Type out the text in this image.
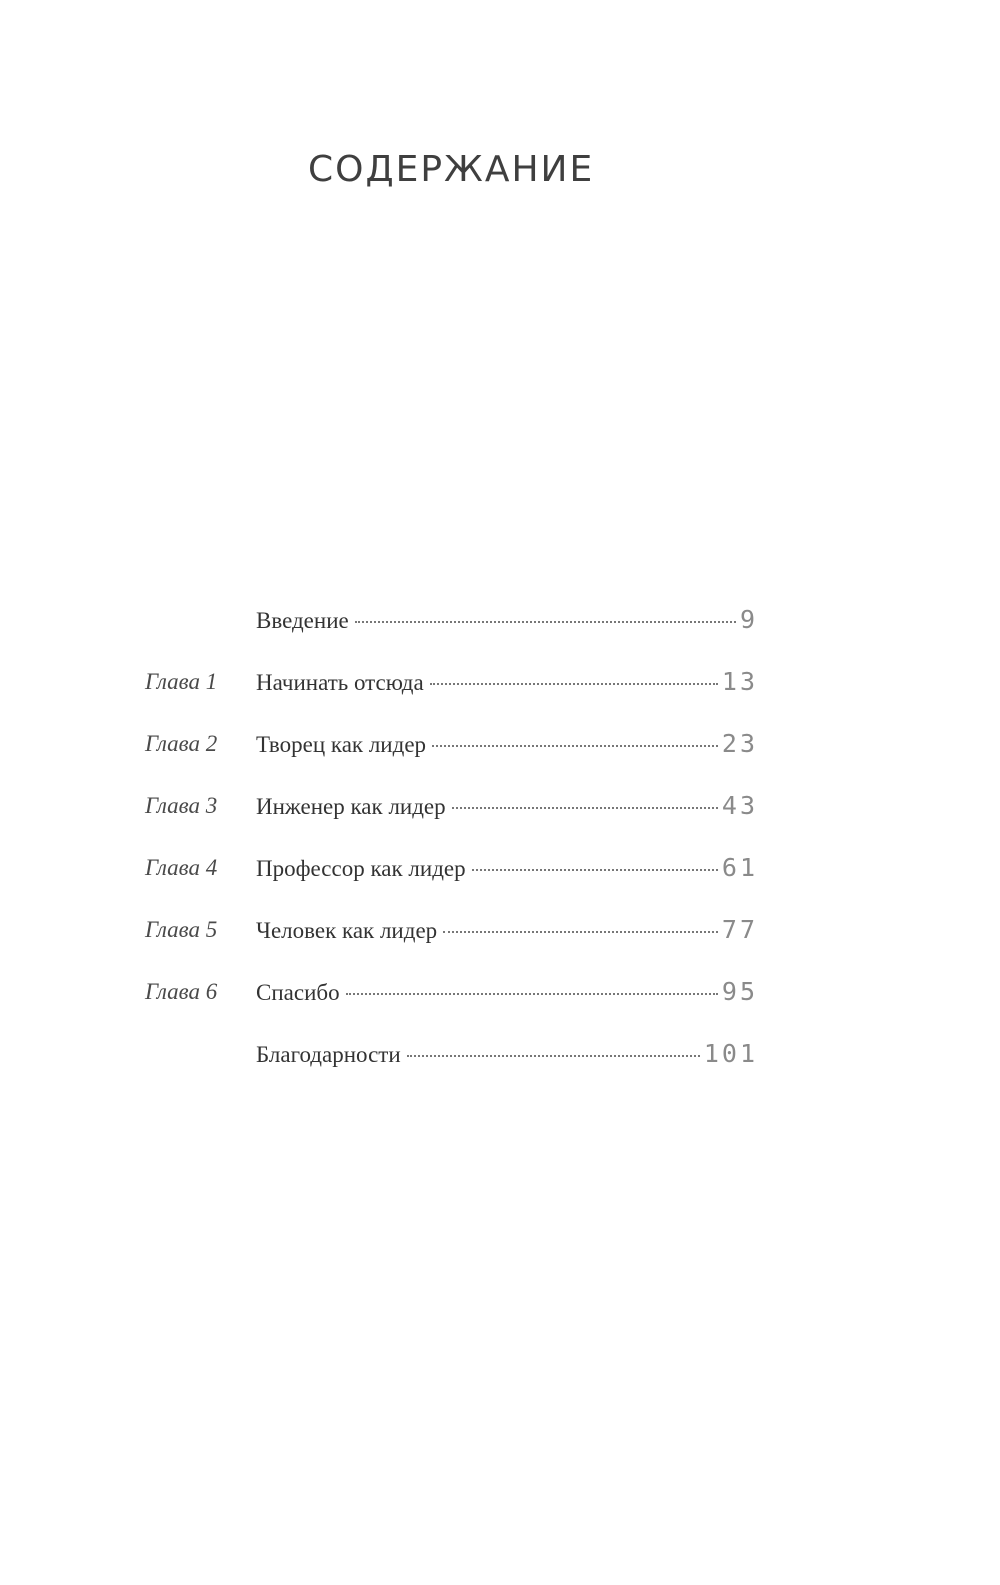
СОДЕРЖАНИЕ
Введение	9
Глава 1 Начинать отсюда	13
Глава 2 Творец как лидер	23
Глава 3 Инженер как лидер	43
Глава 4 Профессор как лидер	61
Глава 5 Человек как лидер	77
Глава 6 Спасибо	95
Благодарности	101
